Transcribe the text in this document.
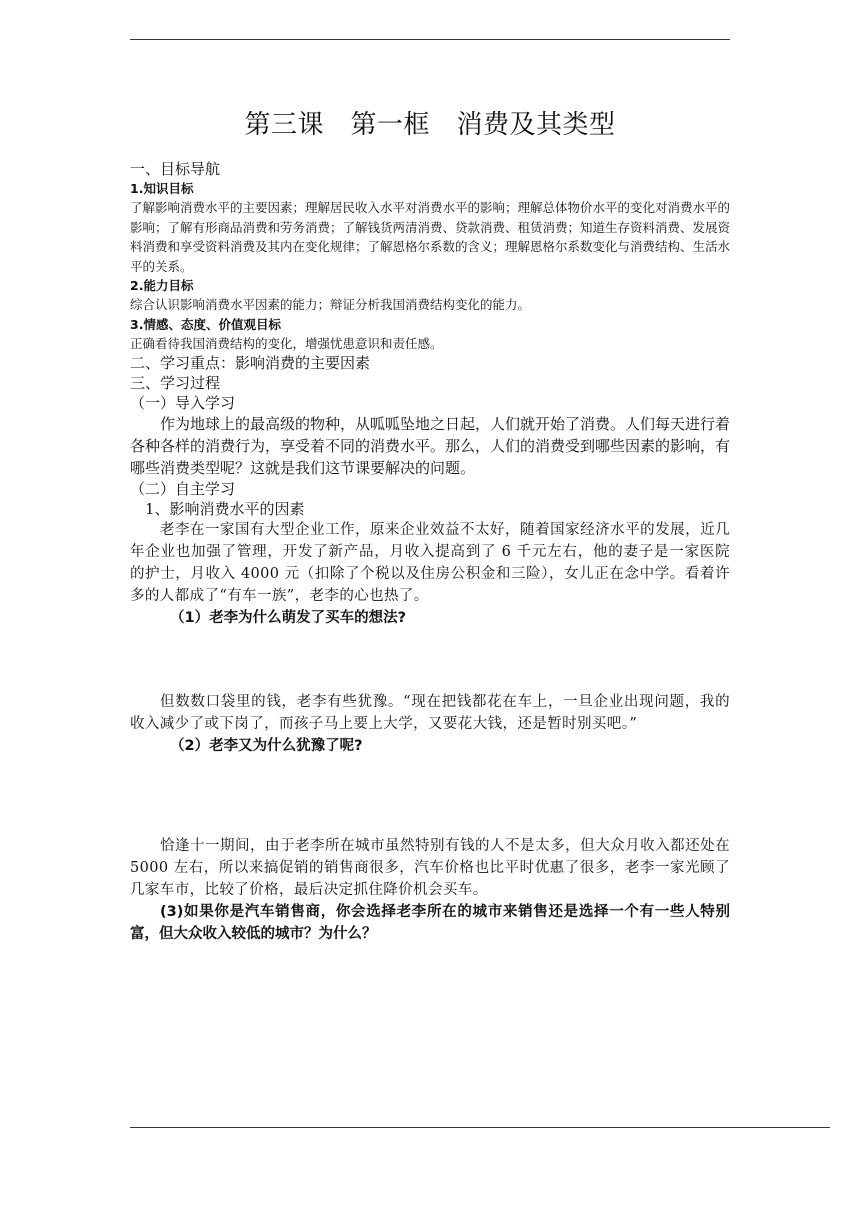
第三课　第一框　消费及其类型

一、目标导航

1.知识目标

了解影响消费水平的主要因素；理解居民收入水平对消费水平的影响；理解总体物价水平的变化对消费水平的影响；了解有形商品消费和劳务消费；了解钱货两清消费、贷款消费、租赁消费；知道生存资料消费、发展资料消费和享受资料消费及其内在变化规律；了解恩格尔系数的含义；理解恩格尔系数变化与消费结构、生活水平的关系。

2.能力目标

综合认识影响消费水平因素的能力；辩证分析我国消费结构变化的能力。

3.情感、态度、价值观目标

正确看待我国消费结构的变化，增强忧患意识和责任感。

二、学习重点：影响消费的主要因素

三、学习过程

（一）导入学习

作为地球上的最高级的物种，从呱呱坠地之日起，人们就开始了消费。人们每天进行着各种各样的消费行为，享受着不同的消费水平。那么，人们的消费受到哪些因素的影响，有哪些消费类型呢？这就是我们这节课要解决的问题。

（二）自主学习

1、影响消费水平的因素

老李在一家国有大型企业工作，原来企业效益不太好，随着国家经济水平的发展，近几年企业也加强了管理，开发了新产品，月收入提高到了 6 千元左右，他的妻子是一家医院的护士，月收入 4000 元（扣除了个税以及住房公积金和三险），女儿正在念中学。看着许多的人都成了“有车一族”，老李的心也热了。

（1）老李为什么萌发了买车的想法?

但数数口袋里的钱，老李有些犹豫。“现在把钱都花在车上，一旦企业出现问题，我的收入减少了或下岗了，而孩子马上要上大学，又要花大钱，还是暂时别买吧。”

（2）老李又为什么犹豫了呢?

恰逢十一期间，由于老李所在城市虽然特别有钱的人不是太多，但大众月收入都还处在 5000 左右，所以来搞促销的销售商很多，汽车价格也比平时优惠了很多，老李一家光顾了几家车市，比较了价格，最后决定抓住降价机会买车。

(3)如果你是汽车销售商，你会选择老李所在的城市来销售还是选择一个有一些人特别富，但大众收入较低的城市？为什么？
